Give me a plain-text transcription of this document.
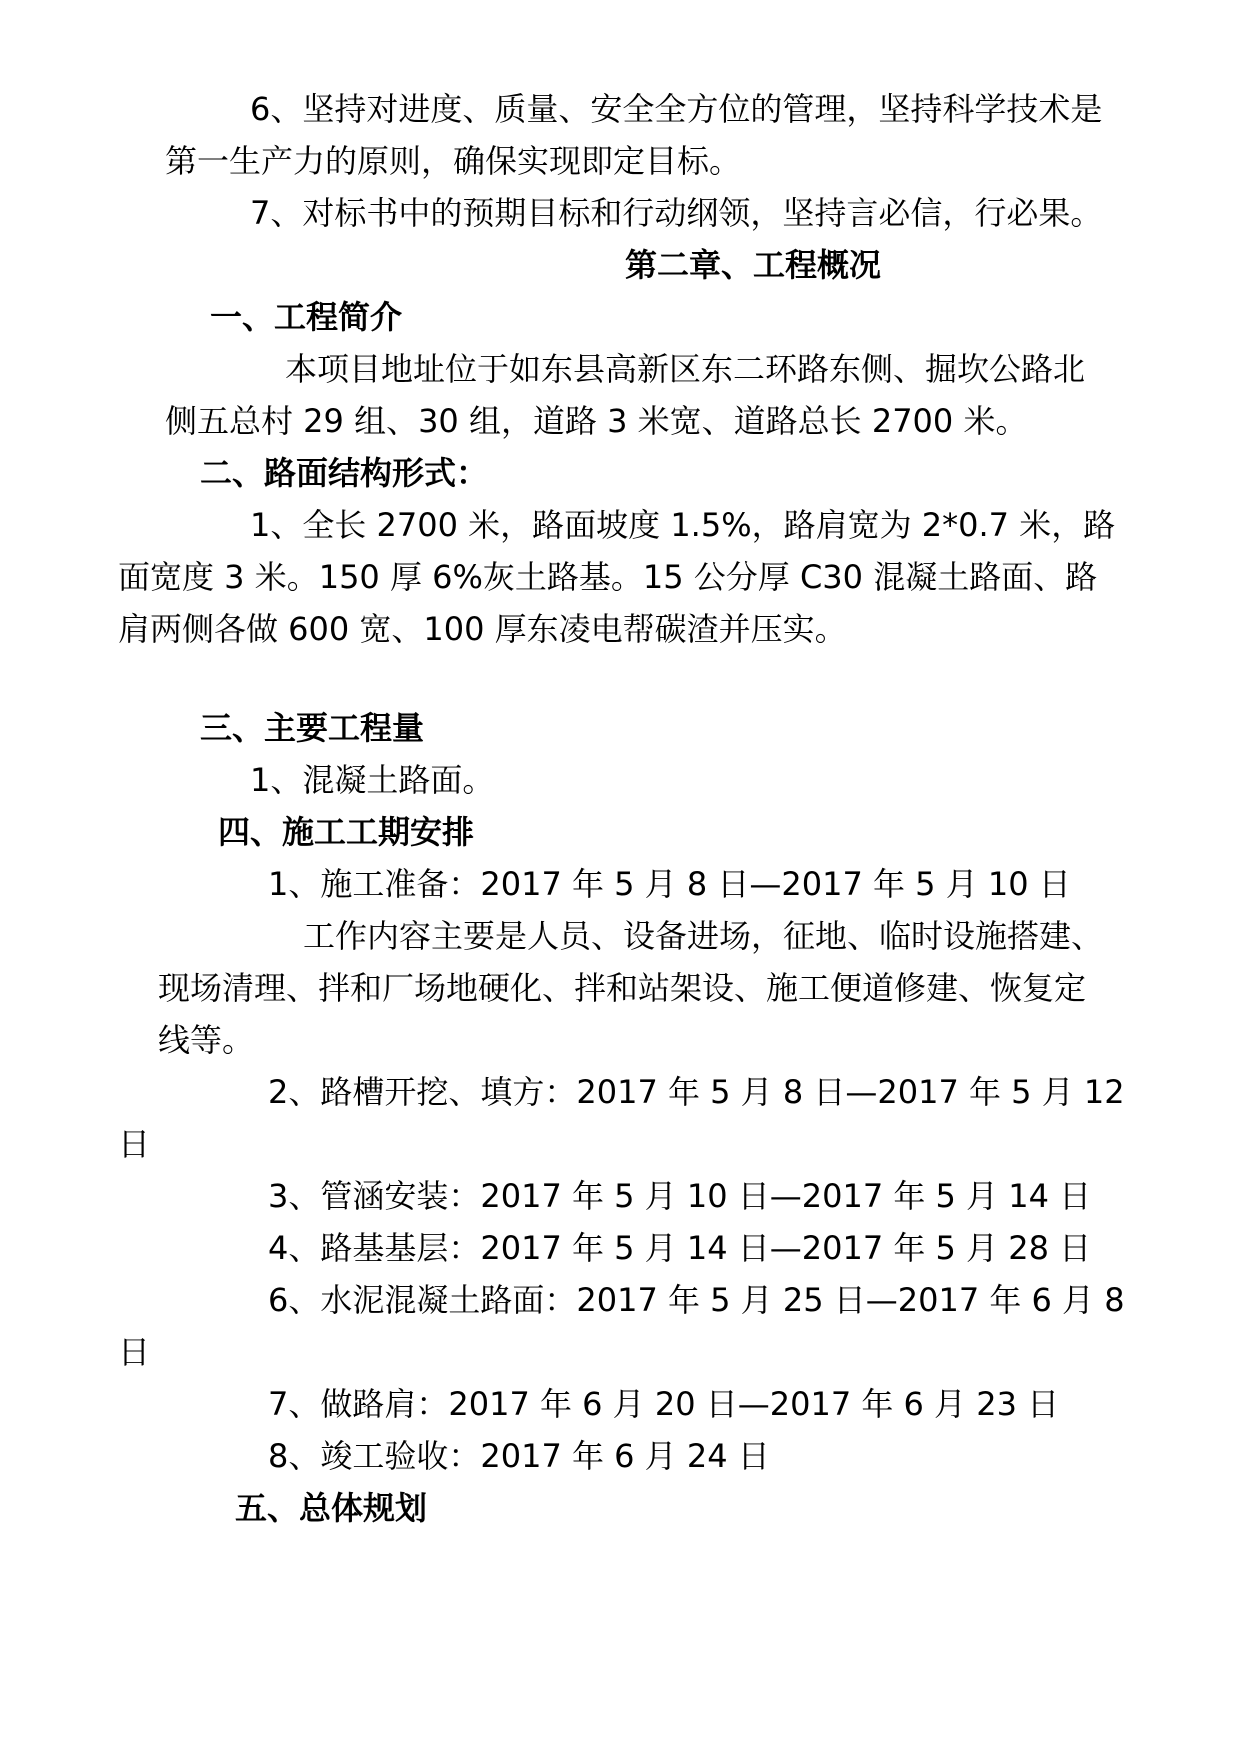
6、坚持对进度、质量、安全全方位的管理，坚持科学技术是
第一生产力的原则，确保实现即定目标。
7、对标书中的预期目标和行动纲领，坚持言必信，行必果。
第二章、工程概况
一、工程简介
本项目地址位于如东县高新区东二环路东侧、掘坎公路北
侧五总村 29 组、30 组，道路 3 米宽、道路总长 2700 米。
二、路面结构形式：
1、全长 2700 米，路面坡度 1.5%，路肩宽为 2*0.7 米，路
面宽度 3 米。150 厚 6%灰土路基。15 公分厚 C30 混凝土路面、路
肩两侧各做 600 宽、100 厚东凌电帮碳渣并压实。
三、主要工程量
1、混凝土路面。
四、施工工期安排
1、施工准备：2017 年 5 月 8 日—2017 年 5 月 10 日
工作内容主要是人员、设备进场，征地、临时设施搭建、
现场清理、拌和厂场地硬化、拌和站架设、施工便道修建、恢复定
线等。
2、路槽开挖、填方：2017 年 5 月 8 日—2017 年 5 月 12
日
3、管涵安装：2017 年 5 月 10 日—2017 年 5 月 14 日
4、路基基层：2017 年 5 月 14 日—2017 年 5 月 28 日
6、水泥混凝土路面：2017 年 5 月 25 日—2017 年 6 月 8
日
7、做路肩：2017 年 6 月 20 日—2017 年 6 月 23 日
8、竣工验收：2017 年 6 月 24 日
五、总体规划
